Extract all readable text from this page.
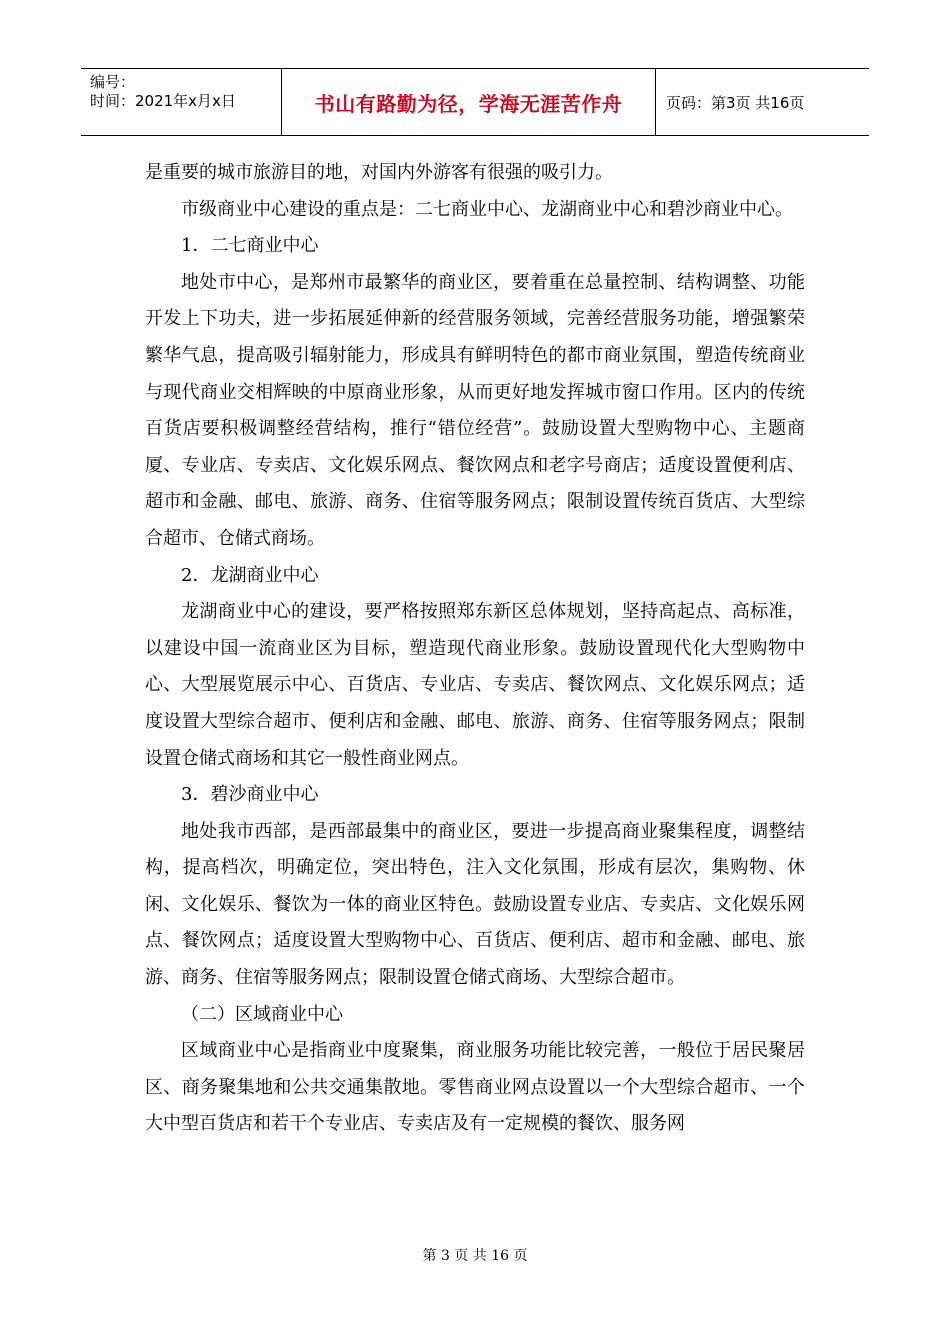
编号：
时间：2021年x月x日	书山有路勤为径，学海无涯苦作舟	页码：第3页 共16页

是重要的城市旅游目的地，对国内外游客有很强的吸引力。

市级商业中心建设的重点是：二七商业中心、龙湖商业中心和碧沙商业中心。

1．二七商业中心

地处市中心，是郑州市最繁华的商业区，要着重在总量控制、结构调整、功能开发上下功夫，进一步拓展延伸新的经营服务领域，完善经营服务功能，增强繁荣繁华气息，提高吸引辐射能力，形成具有鲜明特色的都市商业氛围，塑造传统商业与现代商业交相辉映的中原商业形象，从而更好地发挥城市窗口作用。区内的传统百货店要积极调整经营结构，推行“错位经营”。鼓励设置大型购物中心、主题商厦、专业店、专卖店、文化娱乐网点、餐饮网点和老字号商店；适度设置便利店、超市和金融、邮电、旅游、商务、住宿等服务网点；限制设置传统百货店、大型综合超市、仓储式商场。

2．龙湖商业中心

龙湖商业中心的建设，要严格按照郑东新区总体规划，坚持高起点、高标准，以建设中国一流商业区为目标，塑造现代商业形象。鼓励设置现代化大型购物中心、大型展览展示中心、百货店、专业店、专卖店、餐饮网点、文化娱乐网点；适度设置大型综合超市、便利店和金融、邮电、旅游、商务、住宿等服务网点；限制设置仓储式商场和其它一般性商业网点。

3．碧沙商业中心

地处我市西部，是西部最集中的商业区，要进一步提高商业聚集程度，调整结构，提高档次，明确定位，突出特色，注入文化氛围，形成有层次，集购物、休闲、文化娱乐、餐饮为一体的商业区特色。鼓励设置专业店、专卖店、文化娱乐网点、餐饮网点；适度设置大型购物中心、百货店、便利店、超市和金融、邮电、旅游、商务、住宿等服务网点；限制设置仓储式商场、大型综合超市。

（二）区域商业中心

区域商业中心是指商业中度聚集，商业服务功能比较完善，一般位于居民聚居区、商务聚集地和公共交通集散地。零售商业网点设置以一个大型综合超市、一个大中型百货店和若干个专业店、专卖店及有一定规模的餐饮、服务网

第 3 页 共 16 页
